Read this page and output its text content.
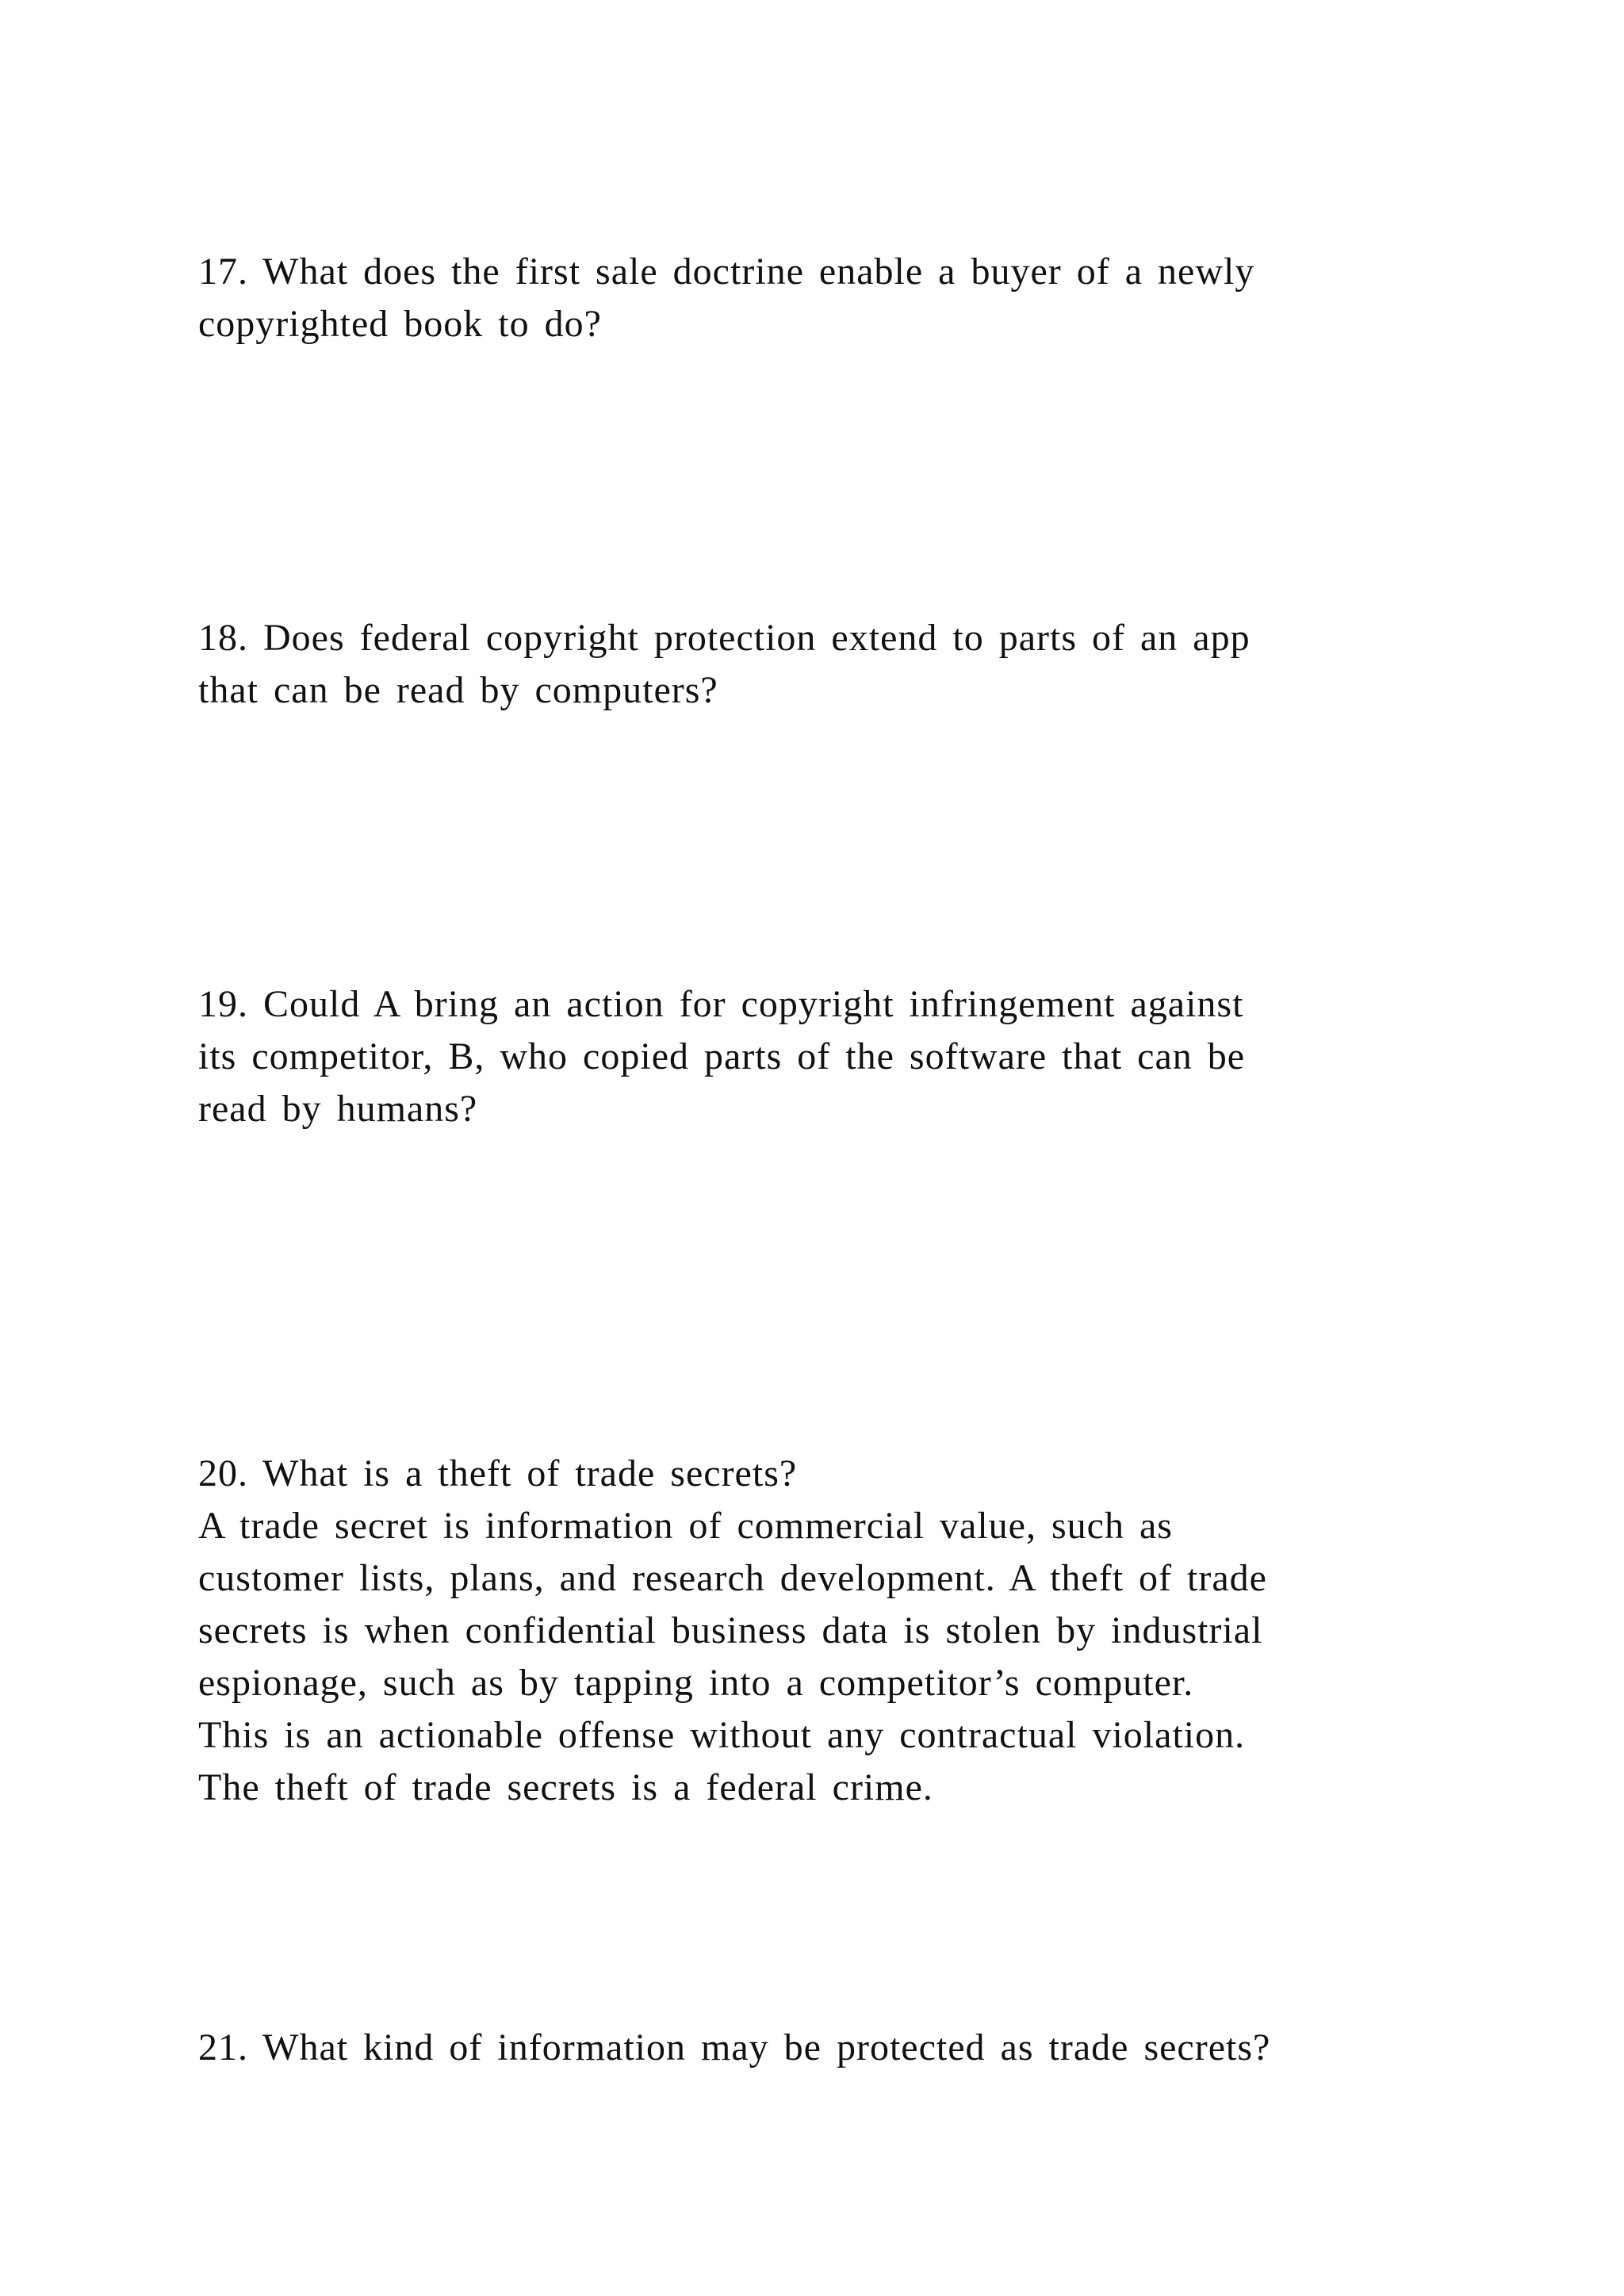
17. What does the first sale doctrine enable a buyer of a newly
copyrighted book to do?
18. Does federal copyright protection extend to parts of an app
that can be read by computers?
19. Could A bring an action for copyright infringement against
its competitor, B, who copied parts of the software that can be
read by humans?
20. What is a theft of trade secrets?
A trade secret is information of commercial value, such as
customer lists, plans, and research development. A theft of trade
secrets is when confidential business data is stolen by industrial
espionage, such as by tapping into a competitor’s computer.
This is an actionable offense without any contractual violation.
The theft of trade secrets is a federal crime.
21. What kind of information may be protected as trade secrets?
